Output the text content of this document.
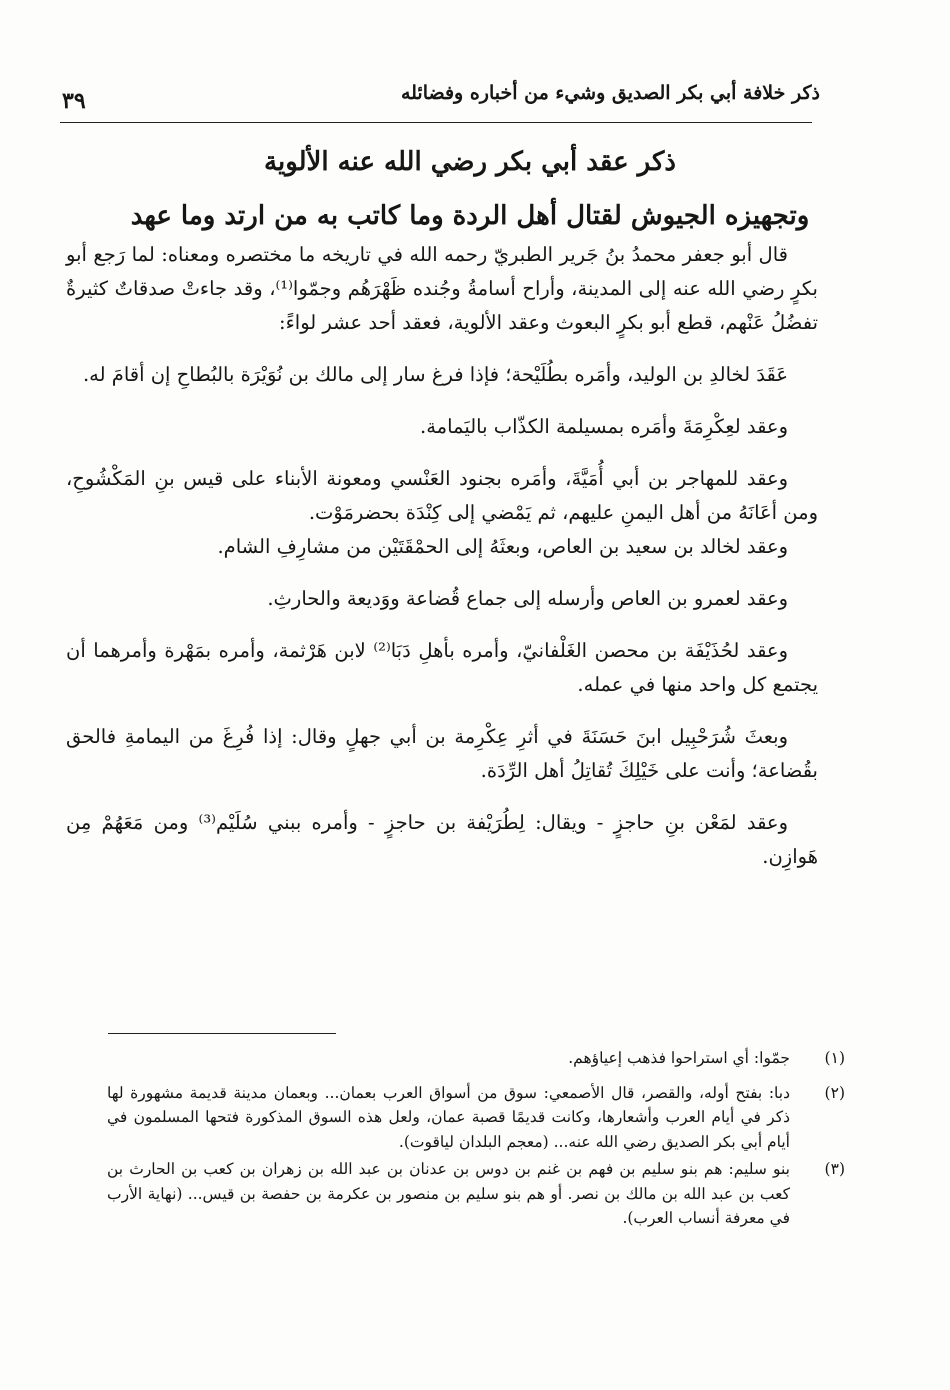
ذكر خلافة أبي بكر الصديق وشيء من أخباره وفضائله
٣٩
ذكر عقد أبي بكر رضي الله عنه الألوية
وتجهيزه الجيوش لقتال أهل الردة وما كاتب به من ارتد وما عهد

قال أبو جعفر محمدُ بنُ جَرير الطبريّ رحمه الله في تاريخه ما مختصره ومعناه: لما رَجع أبو بكرٍ رضي الله عنه إلى المدينة، وأراح أسامةُ وجُنده ظَهْرَهُم وجمّوا⁽¹⁾، وقد جاءتْ صدقاتٌ كثيرةٌ تفضُلُ عَنْهم، قطع أبو بكرٍ البعوث وعقد الألوية، فعقد أحد عشر لواءً:

عَقَدَ لخالدِ بن الوليد، وأمَره بطُلَيْحة؛ فإذا فرغ سار إلى مالك بن نُوَيْرَة بالبُطاحِ إن أقامَ له.

وعقد لعِكْرِمَةَ وأمَره بمسيلمة الكذّاب باليَمامة.

وعقد للمهاجر بن أبي أُمَيَّةَ، وأمَره بجنود العَنْسي ومعونة الأبناء على قيس بنِ المَكْشُوحِ، ومن أعَانَهُ من أهل اليمنِ عليهم، ثم يَمْضي إلى كِنْدَة بحضرمَوْت.

وعقد لخالد بن سعيد بن العاص، وبعثَهُ إلى الحمْقَتَيْن من مشارِفِ الشام.

وعقد لعمرو بن العاص وأرسله إلى جماع قُضاعة ووَديعة والحارثِ.

وعقد لحُذَيْفَة بن محصن الغَلْفانيّ، وأمره بأهلِ دَبَا⁽²⁾ لابن هَرْثمة، وأمره بمَهْرة وأمرهما أن يجتمع كل واحد منها في عمله.

وبعثَ شُرَحْبِيل ابنَ حَسَنَةَ في أثرِ عِكْرِمة بن أبي جهلٍ وقال: إذا فُرِغَ من اليمامةِ فالحق بقُضاعة؛ وأنت على خَيْلِكَ تُقاتِلُ أهل الرِّدَة.

وعقد لمَعْن بنِ حاجزٍ - ويقال: لِطُرَيْفة بن حاجزٍ - وأمره ببني سُلَيْم⁽³⁾ ومن مَعَهُمْ مِن هَوازِن.

(١)
جمّوا: أي استراحوا فذهب إعياؤهم.
(٢)
دبا: بفتح أوله، والقصر، قال الأصمعي: سوق من أسواق العرب بعمان... وبعمان مدينة قديمة مشهورة لها ذكر في أيام العرب وأشعارها، وكانت قديمًا قصبة عمان، ولعل هذه السوق المذكورة فتحها المسلمون في أيام أبي بكر الصديق رضي الله عنه... (معجم البلدان لياقوت).
(٣)
بنو سليم: هم بنو سليم بن فهم بن غنم بن دوس بن عدنان بن عبد الله بن زهران بن كعب بن الحارث بن كعب بن عبد الله بن مالك بن نصر. أو هم بنو سليم بن منصور بن عكرمة بن حفصة بن قيس... (نهاية الأرب في معرفة أنساب العرب).
